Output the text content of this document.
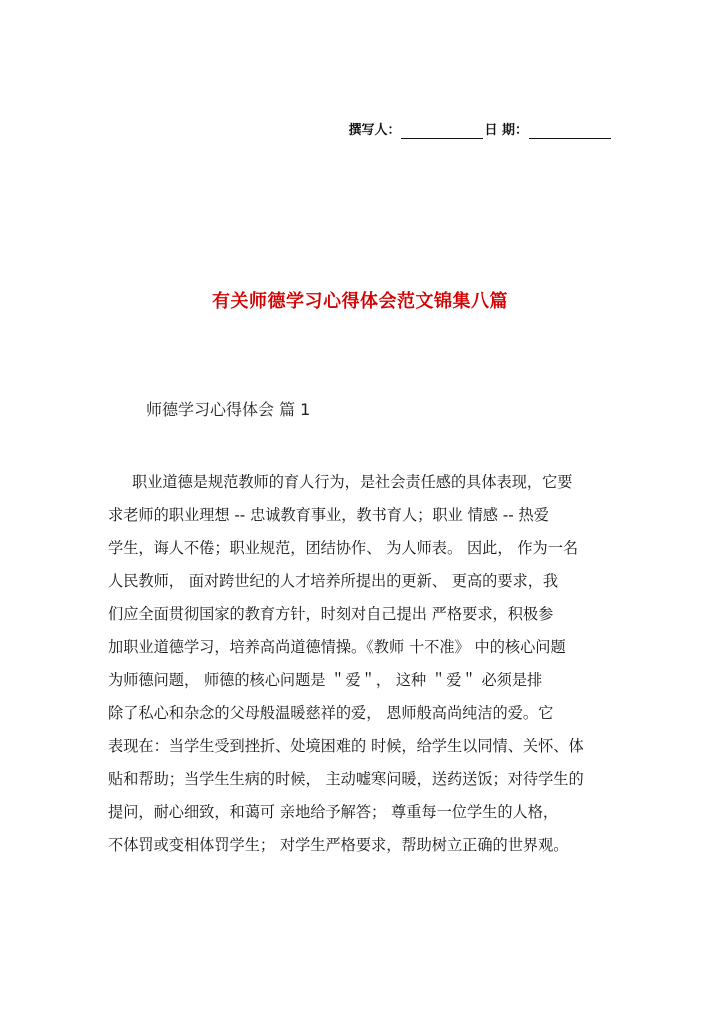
撰写人：	日 期：
有关师德学习心得体会范文锦集八篇
师德学习心得体会 篇 1
职业道德是规范教师的育人行为，是社会责任感的具体表现，它要
求老师的职业理想 -- 忠诚教育事业，教书育人；职业 情感 -- 热爱
学生，诲人不倦；职业规范，团结协作、 为人师表。 因此， 作为一名
人民教师， 面对跨世纪的人才培养所提出的更新、 更高的要求，我
们应全面贯彻国家的教育方针，时刻对自己提出 严格要求，积极参
加职业道德学习，培养高尚道德情操。《教师 十不准》 中的核心问题
为师德问题， 师德的核心问题是 ＂爱＂， 这种 ＂爱＂ 必须是排
除了私心和杂念的父母般温暖慈祥的爱， 恩师般高尚纯洁的爱。它
表现在：当学生受到挫折、处境困难的 时候，给学生以同情、关怀、体
贴和帮助；当学生生病的时候， 主动嘘寒问暖，送药送饭；对待学生的
提问，耐心细致，和蔼可 亲地给予解答； 尊重每一位学生的人格，
不体罚或变相体罚学生； 对学生严格要求，帮助树立正确的世界观。
